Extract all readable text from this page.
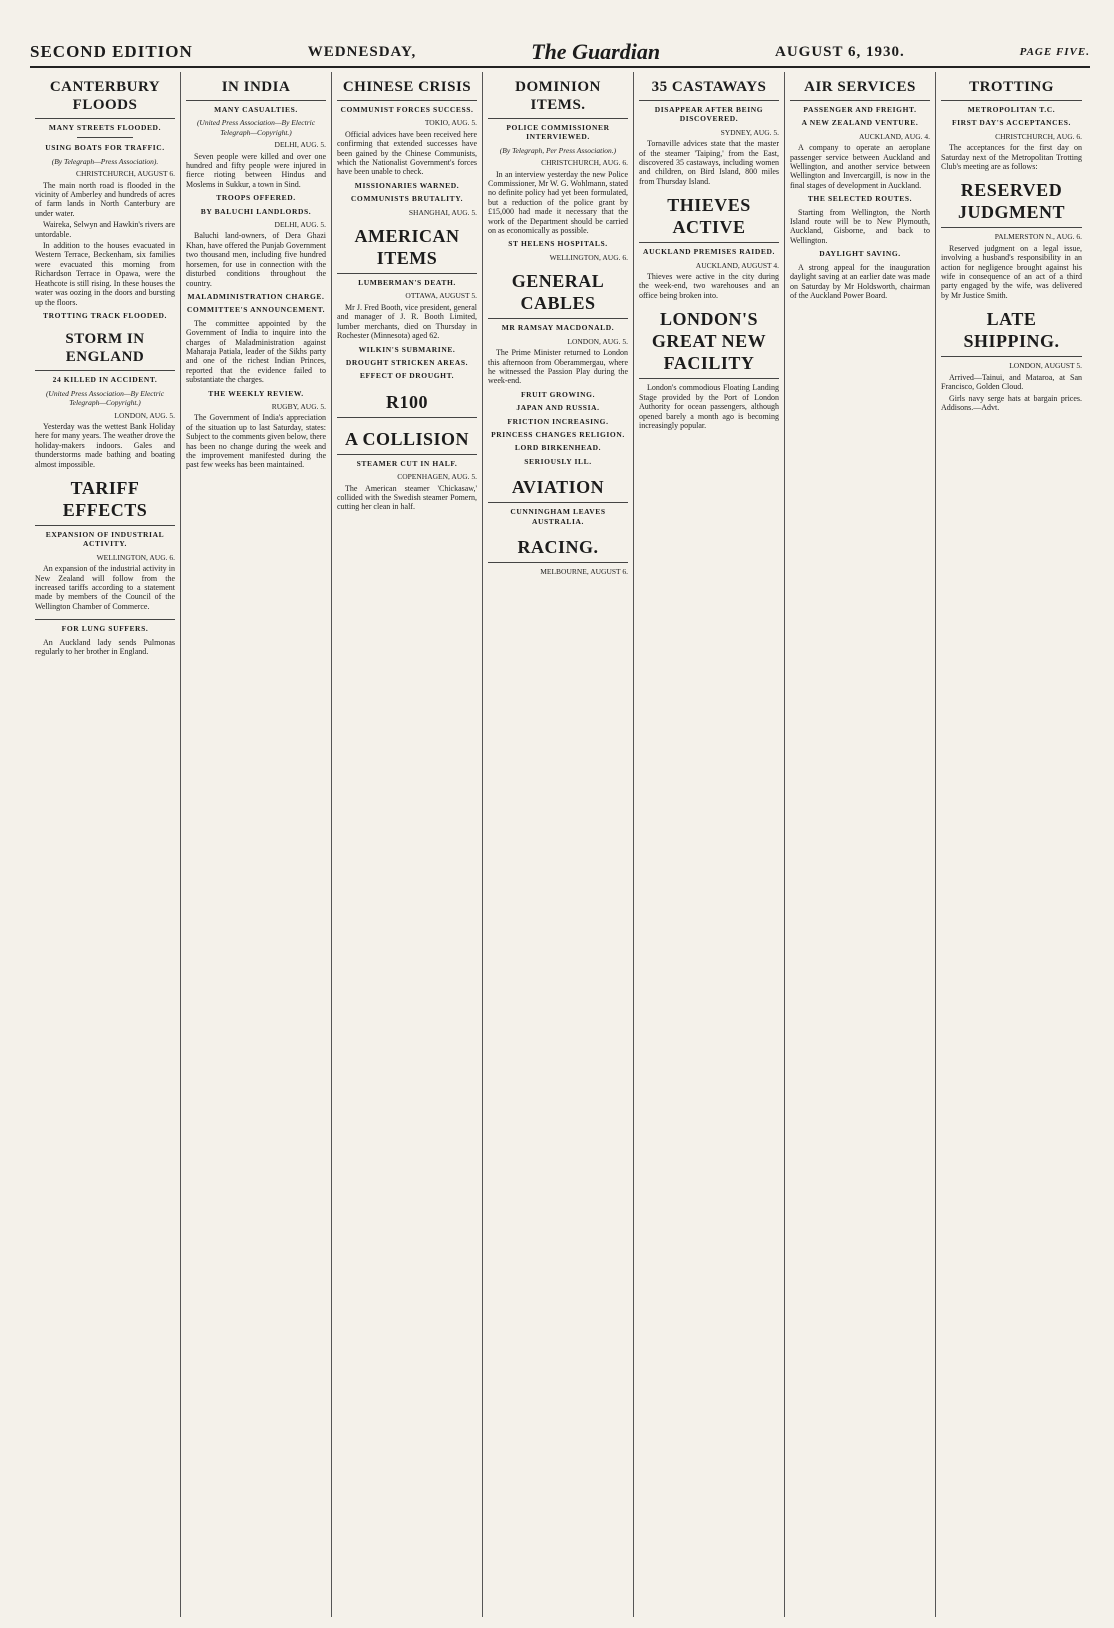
SECOND EDITION	WEDNESDAY,	The Guardian	AUGUST 6, 1930.	PAGE FIVE.
CANTERBURY FLOODS
MANY STREETS FLOODED.
USING BOATS FOR TRAFFIC.
(By Telegraph—Press Association).
CHRISTCHURCH, AUGUST 6.

The main north road is flooded in the vicinity of Amberley and hundreds of acres of farm lands in North Canterbury are under water.

Waireka, Selwyn and Hawkin's rivers are untordable.

In addition to the houses evacuated in Western Terrace, Beckenham, six families were evacuated this morning from Richardson Terrace in Opawa, were the Heathcote is still rising. In these houses the water was oozing in the doors and bursting up the floors.

TROTTING TRACK FLOODED.
STORM IN ENGLAND
24 KILLED IN ACCIDENT.
(United Press Association—By Electric Telegraph—Copyright.)
LONDON, AUG. 5.

Yesterday was the wettest Bank Holiday here for many years. The weather drove the holiday-makers indoors. Gales and thunderstorms made bathing and boating almost impossible.

TARIFF EFFECTS
EXPANSION OF INDUSTRIAL ACTIVITY.
WELLINGTON, AUG. 6.

An expansion of the industrial activity in New Zealand will follow from the increased tariffs according to a statement made by members of the Council of the Wellington Chamber of Commerce.

FOR LUNG SUFFERS.

An Auckland lady sends Pulmonas regularly to her brother in England.

IN INDIA
MANY CASUALTIES.
(United Press Association—By Electric Telegraph—Copyright.)
DELHI, AUG. 5.

Seven people were killed and over one hundred and fifty people were injured in fierce rioting between Hindus and Moslems in Sukkur, a town in Sind.

TROOPS OFFERED.
BY BALUCHI LANDLORDS.
DELHI, AUG. 5.

Baluchi land-owners, of Dera Ghazi Khan, have offered the Punjab Government two thousand men, including five hundred horsemen, for use in connection with the disturbed conditions throughout the country.

MALADMINISTRATION CHARGE.
COMMITTEE'S ANNOUNCEMENT.

The committee appointed by the Government of India to inquire into the charges of Maladministration against Maharaja Patiala, leader of the Sikhs party and one of the richest Indian Princes, reported that the evidence failed to substantiate the charges.

THE WEEKLY REVIEW.
RUGBY, AUG. 5.

The Government of India's appreciation of the situation up to last Saturday, states: Subject to the comments given below, there has been no change during the week and the improvement manifested during the past few weeks has been maintained.

CHINESE CRISIS
COMMUNIST FORCES SUCCESS.
TOKIO, AUG. 5.

Official advices have been received here confirming that extended successes have been gained by the Chinese Communists, which the Nationalist Government's forces have been unable to check.

MISSIONARIES WARNED.
COMMUNISTS BRUTALITY.
SHANGHAI, AUG. 5.
AMERICAN ITEMS
LUMBERMAN'S DEATH.
OTTAWA, AUGUST 5.

Mr J. Fred Booth, vice president, general and manager of J. R. Booth Limited, lumber merchants, died on Thursday in Rochester (Minnesota) aged 62.

WILKIN'S SUBMARINE.
DROUGHT STRICKEN AREAS.
EFFECT OF DROUGHT.
R100
A COLLISION
STEAMER CUT IN HALF.
COPENHAGEN, AUG. 5.

The American steamer 'Chickasaw,' collided with the Swedish steamer Pomern, cutting her clean in half.

DOMINION ITEMS.
POLICE COMMISSIONER INTERVIEWED.
(By Telegraph, Per Press Association.)
CHRISTCHURCH, AUG. 6.

In an interview yesterday the new Police Commissioner, Mr W. G. Wohlmann, stated no definite policy had yet been formulated, but a reduction of the police grant by £15,000 had made it necessary that the work of the Department should be carried on as economically as possible.

ST HELENS HOSPITALS.
WELLINGTON, AUG. 6.
GENERAL CABLES
MR RAMSAY MACDONALD.
LONDON, AUG. 5.

The Prime Minister returned to London this afternoon from Oberammergau, where he witnessed the Passion Play during the week-end.

FRUIT GROWING.
JAPAN AND RUSSIA.
FRICTION INCREASING.
PRINCESS CHANGES RELIGION.
LORD BIRKENHEAD.
SERIOUSLY ILL.
AVIATION
CUNNINGHAM LEAVES AUSTRALIA.
RACING.
MELBOURNE, AUGUST 6.
35 CASTAWAYS
DISAPPEAR AFTER BEING DISCOVERED.
SYDNEY, AUG. 5.

Tornaville advices state that the master of the steamer 'Taiping,' from the East, discovered 35 castaways, including women and children, on Bird Island, 800 miles from Thursday Island.

THIEVES ACTIVE
AUCKLAND PREMISES RAIDED.
AUCKLAND, AUGUST 4.

Thieves were active in the city during the week-end, two warehouses and an office being broken into.

LONDON'S GREAT NEW FACILITY

London's commodious Floating Landing Stage provided by the Port of London Authority for ocean passengers, although opened barely a month ago is becoming increasingly popular.

AIR SERVICES
PASSENGER AND FREIGHT.
A NEW ZEALAND VENTURE.
AUCKLAND, AUG. 4.

A company to operate an aeroplane passenger service between Auckland and Wellington, and another service between Wellington and Invercargill, is now in the final stages of development in Auckland.

THE SELECTED ROUTES.

Starting from Wellington, the North Island route will be to New Plymouth, Auckland, Gisborne, and back to Wellington.

DAYLIGHT SAVING.

A strong appeal for the inauguration daylight saving at an earlier date was made on Saturday by Mr Holdsworth, chairman of the Auckland Power Board.

TROTTING
METROPOLITAN T.C.
FIRST DAY'S ACCEPTANCES.
CHRISTCHURCH, AUG. 6.

The acceptances for the first day on Saturday next of the Metropolitan Trotting Club's meeting are as follows:

RESERVED JUDGMENT
PALMERSTON N., AUG. 6.

Reserved judgment on a legal issue, involving a husband's responsibility in an action for negligence brought against his wife in consequence of an act of a third party engaged by the wife, was delivered by Mr Justice Smith.

LATE SHIPPING.
LONDON, AUGUST 5.

Arrived—Tainui, and Mataroa, at San Francisco, Golden Cloud.

Girls navy serge hats at bargain prices. Addisons.—Advt.
